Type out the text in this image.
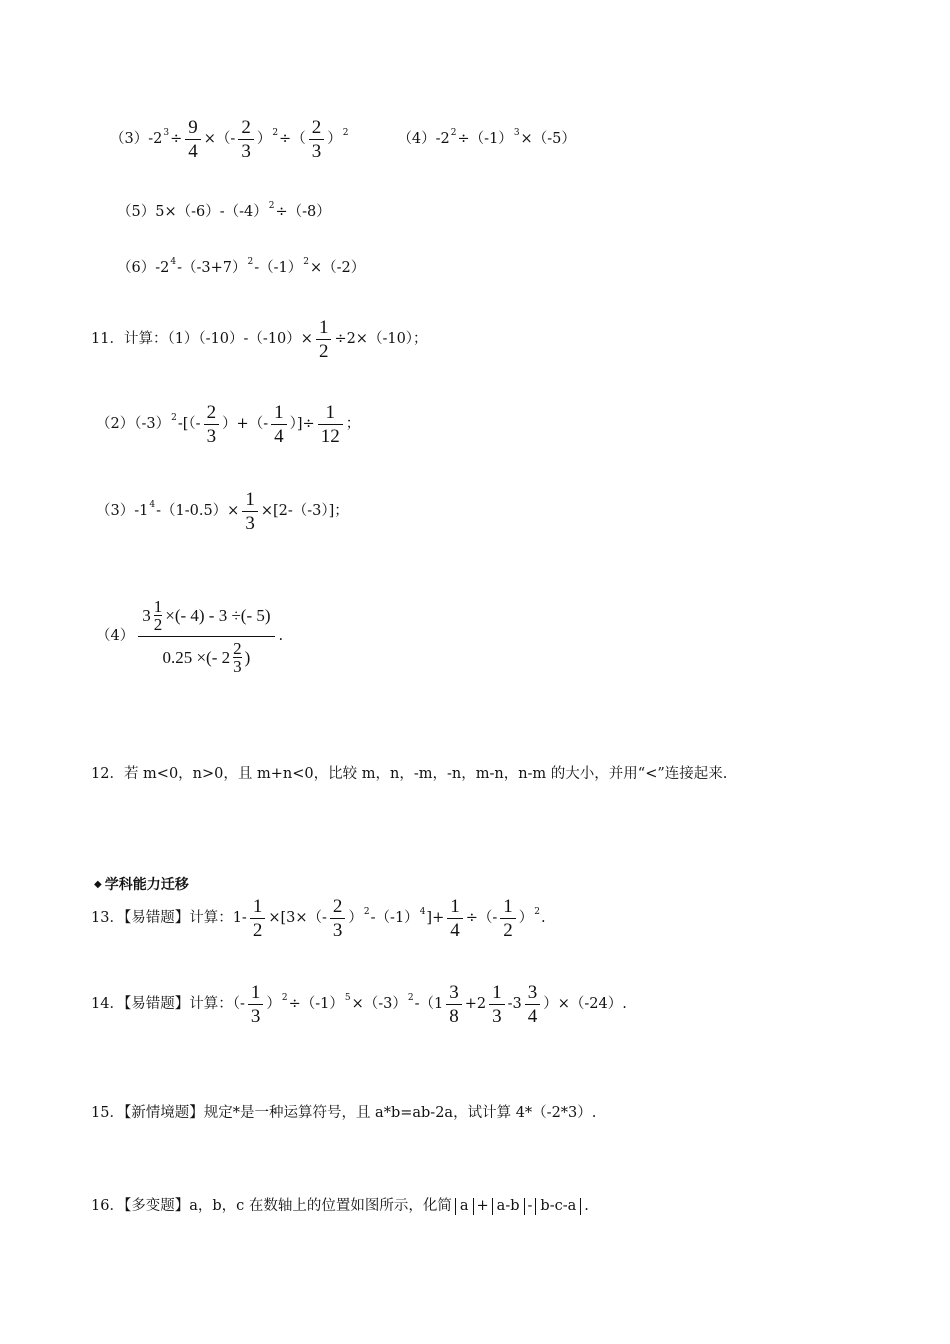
（3）-2 $3 \div \frac{9}{4}$ ×（- $\frac{2}{3}$ ） 2 ÷（ $\frac{2}{3}$ ） 2	（4）-2 2 ÷（-1） 3 ×（-5）
（5）5×（-6）-（-4） 2 ÷（-8）
（6）-2 4 -（-3+7） 2 -（-1） 2 ×（-2）
11．计算：$(1)(-10)-(-10)\times \frac{1}{2} \div 2\times(-10)$；
（2）（-3） 2 -[（- $\frac{2}{3}$ ）+（- $\frac{1}{4}$ ）]÷ $\frac{1}{12}$ ；
（3）-1 4 $-(1-0.5)\times \frac{1}{3} \times[2-(-3)]$；
（4）
$3 \frac{1}{2}$ ×(- 4) - 3 ÷(- 5)
0.25 ×(- $2 \frac{2}{3}$ )
.
12．若 m<0，n>0，且 m+n<0，比较 m，n，-m，-n，m-n，n-m 的大小，并用“<”连接起来.
◆ 学科能力迁移
13．【易错题】计算：$1- \frac{1}{2} \times[3\times(- \frac{2}{3}$ ） 2 -（-1） 4 ]+ $\frac{1}{4}$ ÷（- $\frac{1}{2}$ ） 2 .
14．【易错题】计算：（- $\frac{1}{3}$ ） 2 ÷（-1） 5 ×（-3） 2 $-(1 \frac{3}{8} +2 \frac{1}{3} -3 \frac{3}{4} )\times(-24)$.
15．【新情境题】规定*是一种运算符号，且 a*b=ab-2a，试计算 4*（-2*3）.
16．【多变题】a，b，c 在数轴上的位置如图所示，化简 a + a-b - b-c-a .
